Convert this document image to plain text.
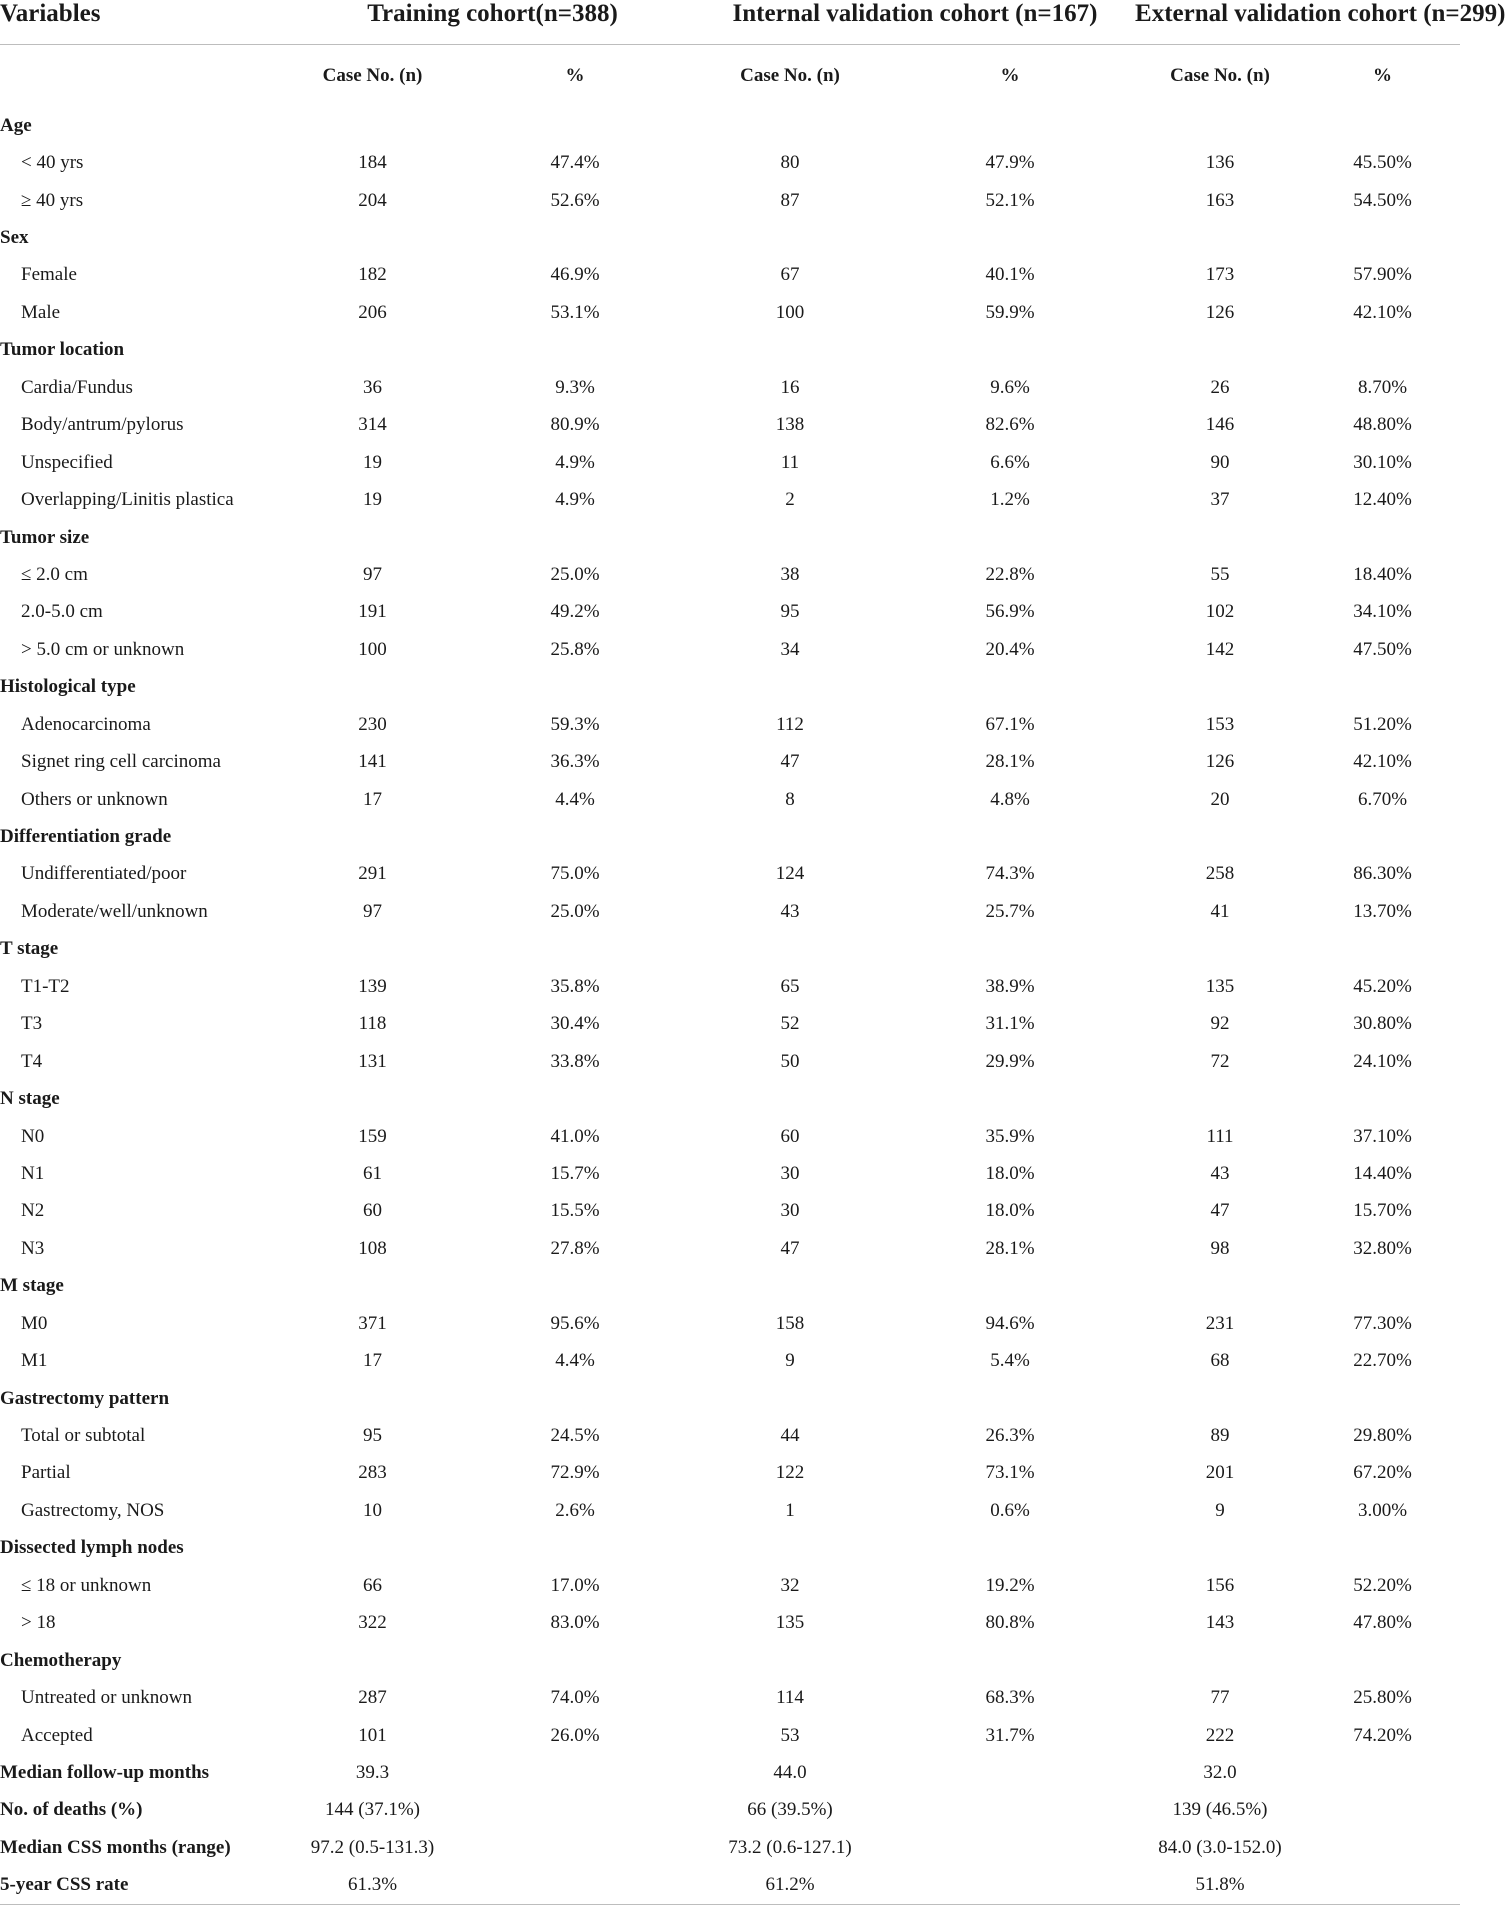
Variables	Training cohort(n=388)		Internal validation cohort (n=167)		External validation cohort (n=299)	
	Case No. (n)	%	Case No. (n)	%	Case No. (n)	%
Age						
< 40 yrs	184	47.4%	80	47.9%	136	45.50%
≥ 40 yrs	204	52.6%	87	52.1%	163	54.50%
Sex						
Female	182	46.9%	67	40.1%	173	57.90%
Male	206	53.1%	100	59.9%	126	42.10%
Tumor location						
Cardia/Fundus	36	9.3%	16	9.6%	26	8.70%
Body/antrum/pylorus	314	80.9%	138	82.6%	146	48.80%
Unspecified	19	4.9%	11	6.6%	90	30.10%
Overlapping/Linitis plastica	19	4.9%	2	1.2%	37	12.40%
Tumor size						
≤ 2.0 cm	97	25.0%	38	22.8%	55	18.40%
2.0-5.0 cm	191	49.2%	95	56.9%	102	34.10%
> 5.0 cm or unknown	100	25.8%	34	20.4%	142	47.50%
Histological type						
Adenocarcinoma	230	59.3%	112	67.1%	153	51.20%
Signet ring cell carcinoma	141	36.3%	47	28.1%	126	42.10%
Others or unknown	17	4.4%	8	4.8%	20	6.70%
Differentiation grade						
Undifferentiated/poor	291	75.0%	124	74.3%	258	86.30%
Moderate/well/unknown	97	25.0%	43	25.7%	41	13.70%
T stage						
T1-T2	139	35.8%	65	38.9%	135	45.20%
T3	118	30.4%	52	31.1%	92	30.80%
T4	131	33.8%	50	29.9%	72	24.10%
N stage						
N0	159	41.0%	60	35.9%	111	37.10%
N1	61	15.7%	30	18.0%	43	14.40%
N2	60	15.5%	30	18.0%	47	15.70%
N3	108	27.8%	47	28.1%	98	32.80%
M stage						
M0	371	95.6%	158	94.6%	231	77.30%
M1	17	4.4%	9	5.4%	68	22.70%
Gastrectomy pattern						
Total or subtotal	95	24.5%	44	26.3%	89	29.80%
Partial	283	72.9%	122	73.1%	201	67.20%
Gastrectomy, NOS	10	2.6%	1	0.6%	9	3.00%
Dissected lymph nodes						
≤ 18 or unknown	66	17.0%	32	19.2%	156	52.20%
> 18	322	83.0%	135	80.8%	143	47.80%
Chemotherapy						
Untreated or unknown	287	74.0%	114	68.3%	77	25.80%
Accepted	101	26.0%	53	31.7%	222	74.20%
Median follow-up months	39.3		44.0		32.0	
No. of deaths (%)	144 (37.1%)		66 (39.5%)		139 (46.5%)	
Median CSS months (range)	97.2 (0.5-131.3)		73.2 (0.6-127.1)		84.0 (3.0-152.0)	
5-year CSS rate	61.3%		61.2%		51.8%	
